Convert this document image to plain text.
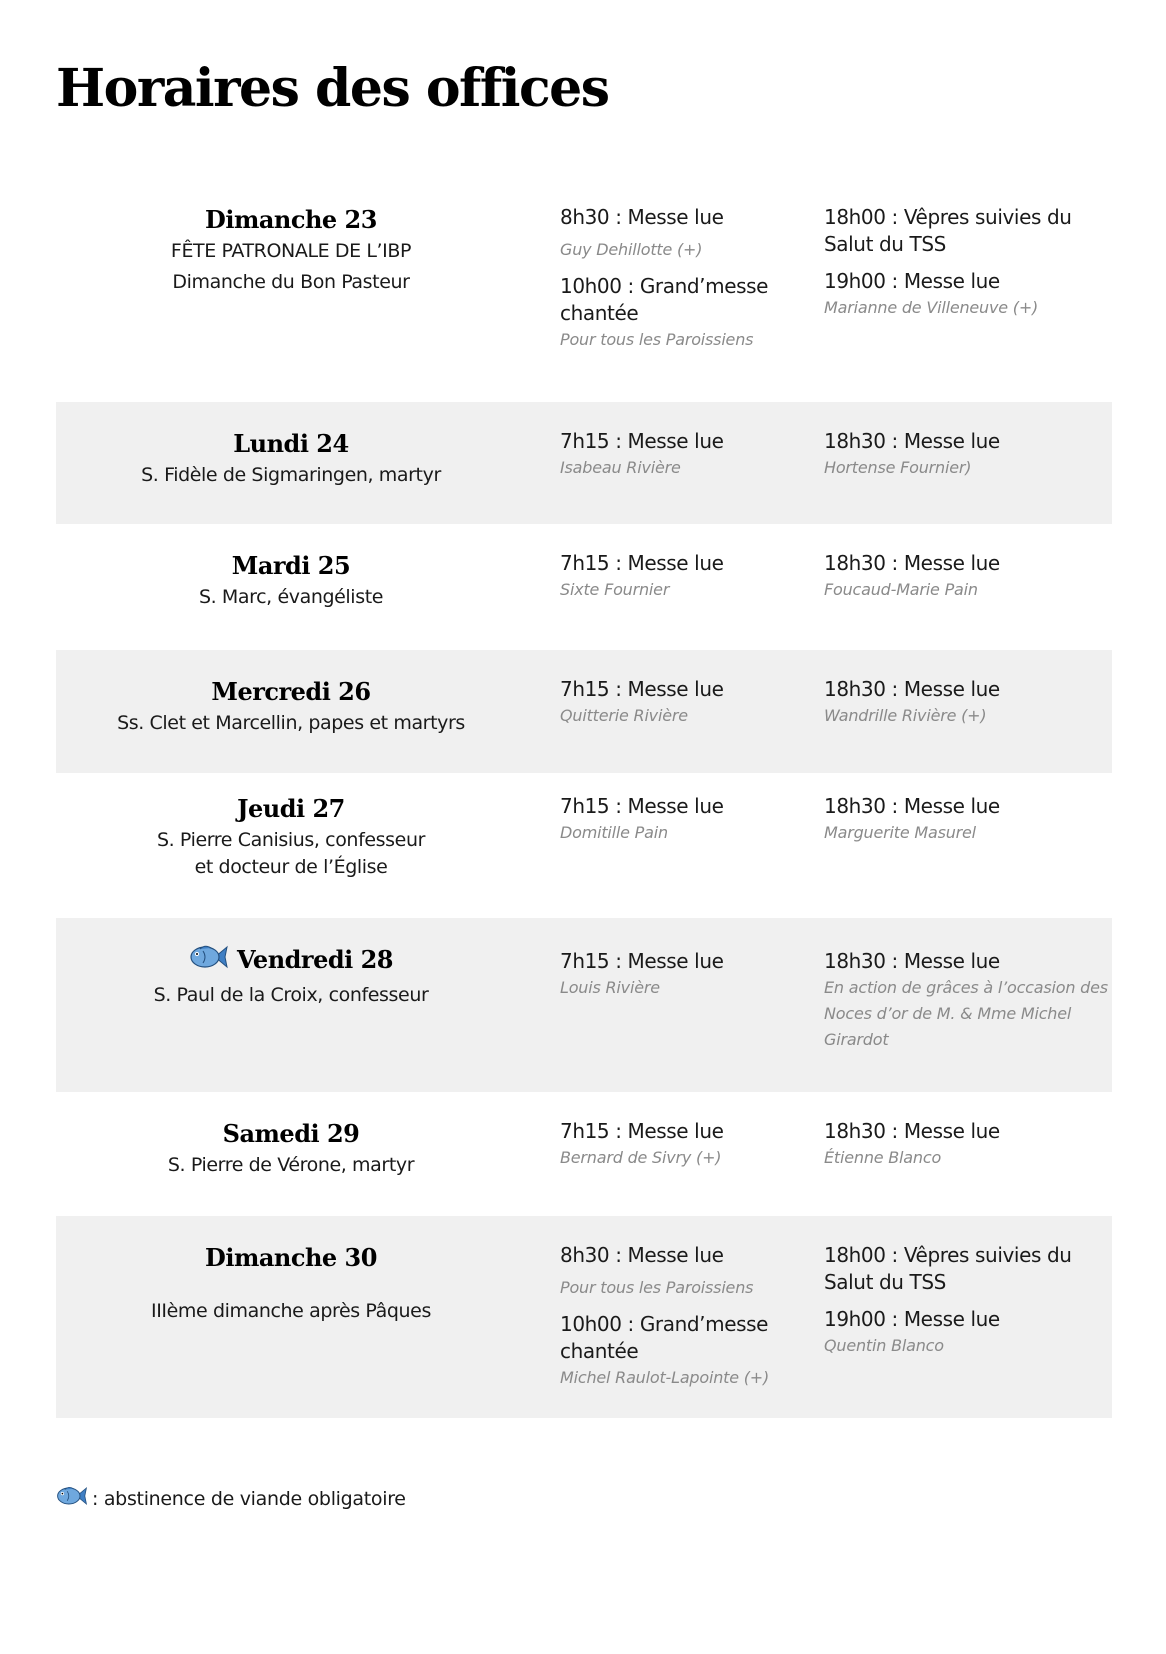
Horaires des offices
Dimanche 23
FÊTE PATRONALE DE L’IBP
Dimanche du Bon Pasteur
8h30 : Messe lue
Guy Dehillotte (+)
10h00 : Grand’messe chantée
Pour tous les Paroissiens
18h00 : Vêpres suivies du Salut du TSS
19h00 : Messe lue
Marianne de Villeneuve (+)
Lundi 24
S. Fidèle de Sigmaringen, martyr
7h15 : Messe lue
Isabeau Rivière
18h30 : Messe lue
Hortense Fournier)
Mardi 25
S. Marc, évangéliste
7h15 : Messe lue
Sixte Fournier
18h30 : Messe lue
Foucaud-Marie Pain
Mercredi 26
Ss. Clet et Marcellin, papes et martyrs
7h15 : Messe lue
Quitterie Rivière
18h30 : Messe lue
Wandrille Rivière (+)
Jeudi 27
S. Pierre Canisius, confesseur
et docteur de l’Église
7h15 : Messe lue
Domitille Pain
18h30 : Messe lue
Marguerite Masurel
Vendredi 28
S. Paul de la Croix, confesseur
7h15 : Messe lue
Louis Rivière
18h30 : Messe lue
En action de grâces à l’occasion des Noces d’or de M. & Mme Michel Girardot
Samedi 29
S. Pierre de Vérone, martyr
7h15 : Messe lue
Bernard de Sivry (+)
18h30 : Messe lue
Étienne Blanco
Dimanche 30
IIIème dimanche après Pâques
8h30 : Messe lue
Pour tous les Paroissiens
10h00 : Grand’messe chantée
Michel Raulot-Lapointe (+)
18h00 : Vêpres suivies du Salut du TSS
19h00 : Messe lue
Quentin Blanco
: abstinence de viande obligatoire
